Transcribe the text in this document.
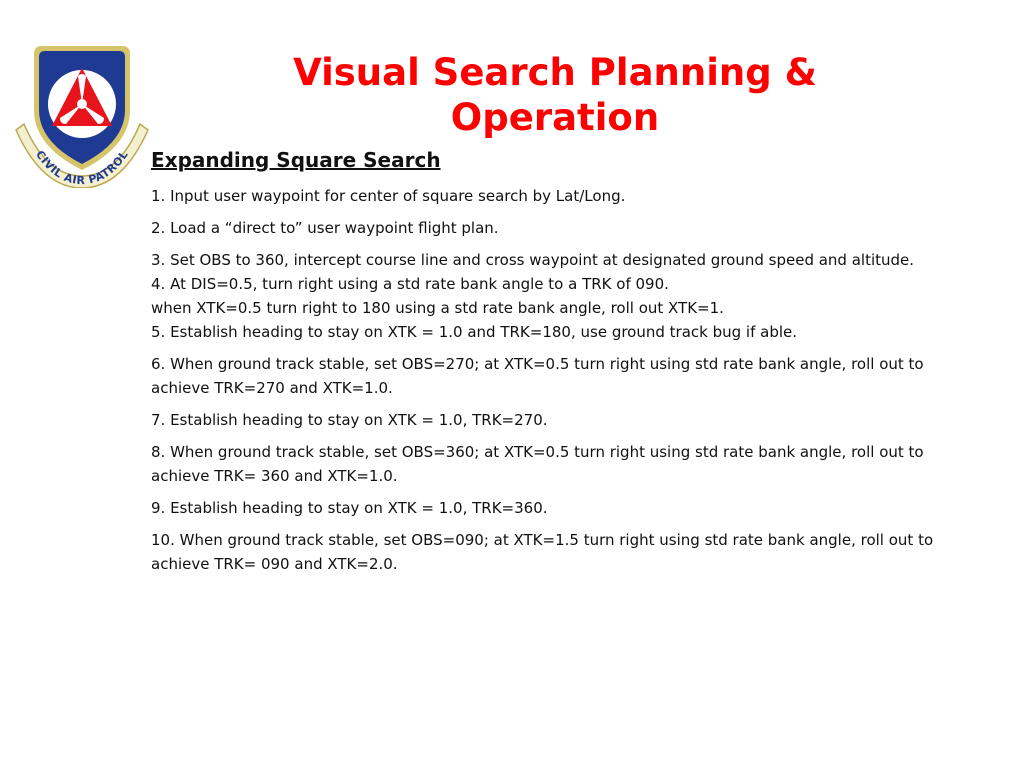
CIVIL AIR PATROL
Visual Search Planning &
Operation
Expanding Square Search
1. Input user waypoint for center of square search by Lat/Long.
2. Load a “direct to” user waypoint flight plan.
3. Set OBS to 360, intercept course line and cross waypoint at designated ground speed and altitude.
4. At DIS=0.5, turn right using a std rate bank angle to a TRK of 090.
when XTK=0.5 turn right to 180 using a std rate bank angle, roll out XTK=1.
5. Establish heading to stay on XTK = 1.0 and TRK=180, use ground track bug if able.
6. When ground track stable, set OBS=270; at XTK=0.5 turn right using std rate bank angle, roll out to achieve TRK=270 and XTK=1.0.
7. Establish heading to stay on XTK = 1.0, TRK=270.
8. When ground track stable, set OBS=360; at XTK=0.5 turn right using std rate bank angle, roll out to achieve TRK= 360 and XTK=1.0.
9. Establish heading to stay on XTK = 1.0, TRK=360.
10. When ground track stable, set OBS=090; at XTK=1.5 turn right using std rate bank angle, roll out to achieve TRK= 090 and XTK=2.0.
